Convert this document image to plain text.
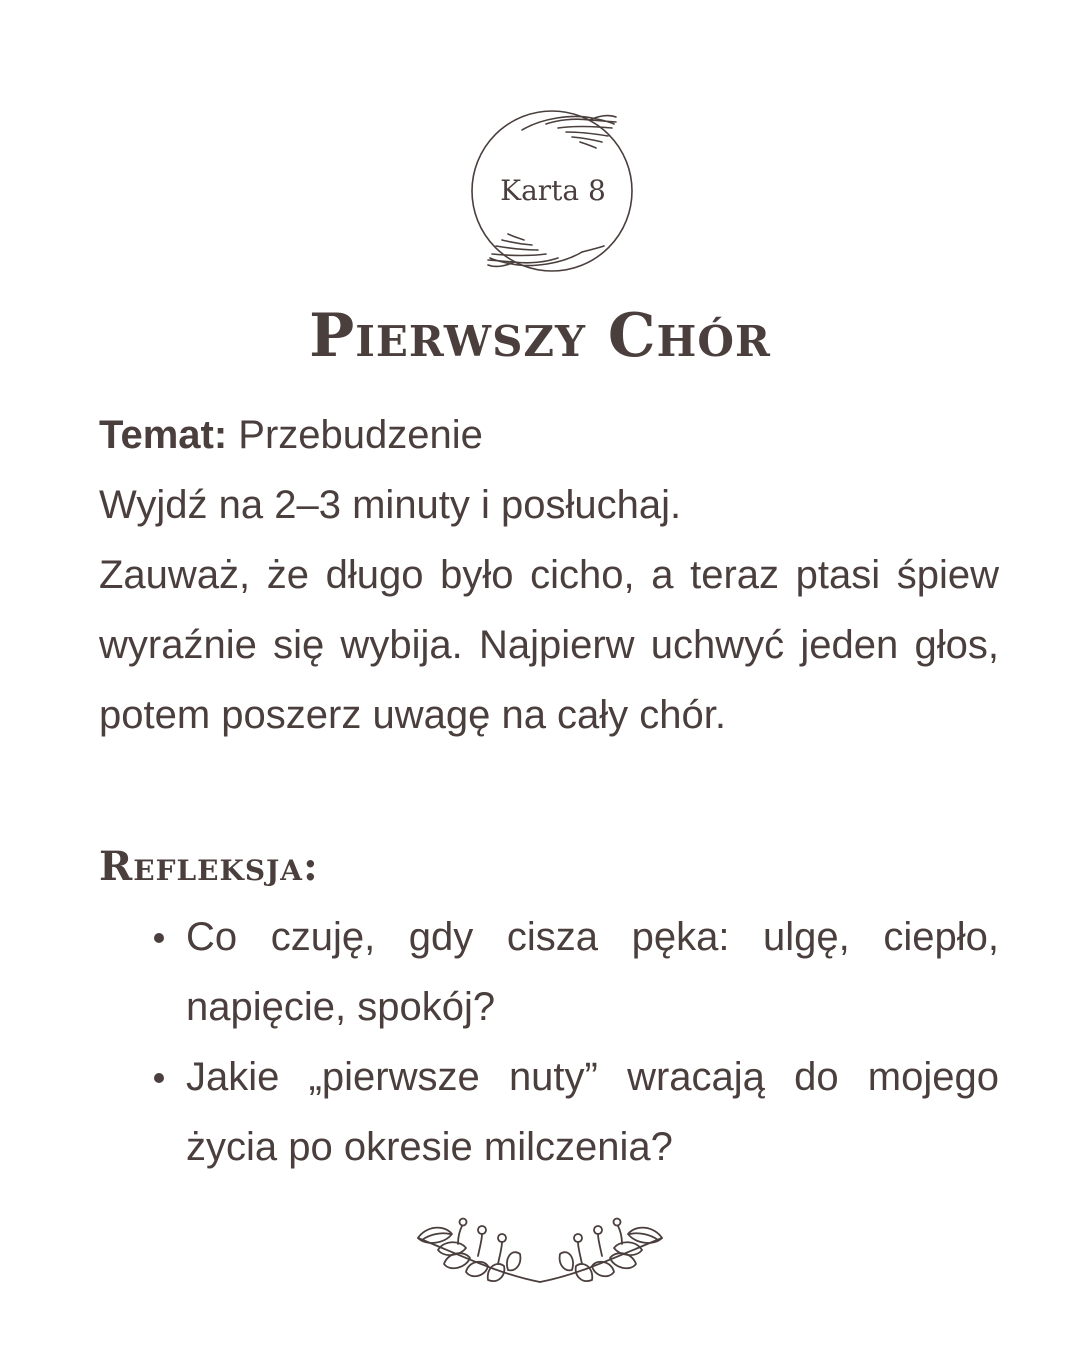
Karta 8
Pierwszy Chór

Temat: Przebudzenie

Wyjdź na 2–3 minuty i posłuchaj.

Zauważ, że długo było cicho, a teraz ptasi śpiew wyraźnie się wybija. Najpierw uchwyć jeden głos, potem poszerz uwagę na cały chór.

Refleksja:
Co czuję, gdy cisza pęka: ulgę, ciepło, napięcie, spokój?
Jakie „pierwsze nuty” wracają do mojego życia po okresie milczenia?
